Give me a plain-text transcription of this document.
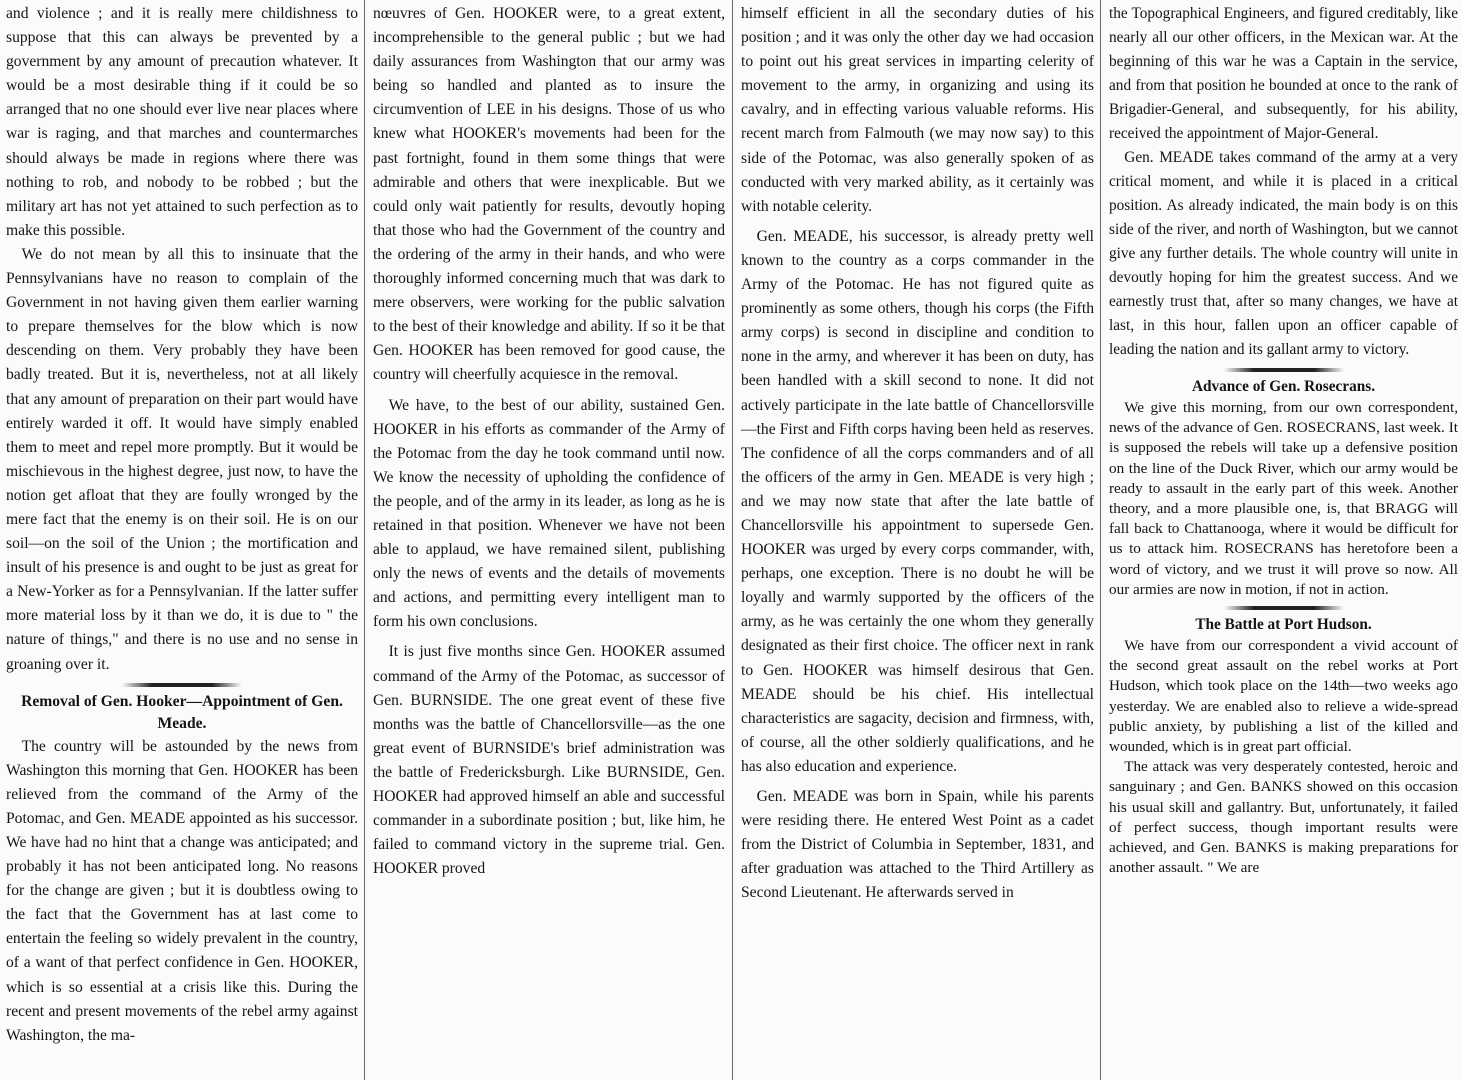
and violence ; and it is really mere childishness to suppose that this can always be prevented by a government by any amount of precaution whatever. It would be a most desirable thing if it could be so arranged that no one should ever live near places where war is raging, and that marches and countermarches should always be made in regions where there was nothing to rob, and nobody to be robbed ; but the military art has not yet attained to such perfection as to make this possible.

We do not mean by all this to insinuate that the Pennsylvanians have no reason to complain of the Government in not having given them earlier warning to prepare themselves for the blow which is now descending on them. Very probably they have been badly treated. But it is, nevertheless, not at all likely that any amount of preparation on their part would have entirely warded it off. It would have simply enabled them to meet and repel more promptly. But it would be mischievous in the highest degree, just now, to have the notion get afloat that they are foully wronged by the mere fact that the enemy is on their soil. He is on our soil—on the soil of the Union ; the mortification and insult of his presence is and ought to be just as great for a New-Yorker as for a Pennsylvanian. If the latter suffer more material loss by it than we do, it is due to " the nature of things," and there is no use and no sense in groaning over it.

Removal of Gen. Hooker—Appointment of Gen. Meade.

The country will be astounded by the news from Washington this morning that Gen. HOOKER has been relieved from the command of the Army of the Potomac, and Gen. MEADE appointed as his successor. We have had no hint that a change was anticipated; and probably it has not been anticipated long. No reasons for the change are given ; but it is doubtless owing to the fact that the Government has at last come to entertain the feeling so widely prevalent in the country, of a want of that perfect confidence in Gen. HOOKER, which is so essential at a crisis like this. During the recent and present movements of the rebel army against Washington, the ma-

nœuvres of Gen. HOOKER were, to a great extent, incomprehensible to the general public ; but we had daily assurances from Washington that our army was being so handled and planted as to insure the circumvention of LEE in his designs. Those of us who knew what HOOKER's movements had been for the past fortnight, found in them some things that were admirable and others that were inexplicable. But we could only wait patiently for results, devoutly hoping that those who had the Government of the country and the ordering of the army in their hands, and who were thoroughly informed concerning much that was dark to mere observers, were working for the public salvation to the best of their knowledge and ability. If so it be that Gen. HOOKER has been removed for good cause, the country will cheerfully acquiesce in the removal.

We have, to the best of our ability, sustained Gen. HOOKER in his efforts as commander of the Army of the Potomac from the day he took command until now. We know the necessity of upholding the confidence of the people, and of the army in its leader, as long as he is retained in that position. Whenever we have not been able to applaud, we have remained silent, publishing only the news of events and the details of movements and actions, and permitting every intelligent man to form his own conclusions.

It is just five months since Gen. HOOKER assumed command of the Army of the Potomac, as successor of Gen. BURNSIDE. The one great event of these five months was the battle of Chancellorsville—as the one great event of BURNSIDE's brief administration was the battle of Fredericksburgh. Like BURNSIDE, Gen. HOOKER had approved himself an able and successful commander in a subordinate position ; but, like him, he failed to command victory in the supreme trial. Gen. HOOKER proved

himself efficient in all the secondary duties of his position ; and it was only the other day we had occasion to point out his great services in imparting celerity of movement to the army, in organizing and using its cavalry, and in effecting various valuable reforms. His recent march from Falmouth (we may now say) to this side of the Potomac, was also generally spoken of as conducted with very marked ability, as it certainly was with notable celerity.

Gen. MEADE, his successor, is already pretty well known to the country as a corps commander in the Army of the Potomac. He has not figured quite as prominently as some others, though his corps (the Fifth army corps) is second in discipline and condition to none in the army, and wherever it has been on duty, has been handled with a skill second to none. It did not actively participate in the late battle of Chancellorsville—the First and Fifth corps having been held as reserves. The confidence of all the corps commanders and of all the officers of the army in Gen. MEADE is very high ; and we may now state that after the late battle of Chancellorsville his appointment to supersede Gen. HOOKER was urged by every corps commander, with, perhaps, one exception. There is no doubt he will be loyally and warmly supported by the officers of the army, as he was certainly the one whom they generally designated as their first choice. The officer next in rank to Gen. HOOKER was himself desirous that Gen. MEADE should be his chief. His intellectual characteristics are sagacity, decision and firmness, with, of course, all the other soldierly qualifications, and he has also education and experience.

Gen. MEADE was born in Spain, while his parents were residing there. He entered West Point as a cadet from the District of Columbia in September, 1831, and after graduation was attached to the Third Artillery as Second Lieutenant. He afterwards served in

the Topographical Engineers, and figured creditably, like nearly all our other officers, in the Mexican war. At the beginning of this war he was a Captain in the service, and from that position he bounded at once to the rank of Brigadier-General, and subsequently, for his ability, received the appointment of Major-General.

Gen. MEADE takes command of the army at a very critical moment, and while it is placed in a critical position. As already indicated, the main body is on this side of the river, and north of Washington, but we cannot give any further details. The whole country will unite in devoutly hoping for him the greatest success. And we earnestly trust that, after so many changes, we have at last, in this hour, fallen upon an officer capable of leading the nation and its gallant army to victory.

Advance of Gen. Rosecrans.

We give this morning, from our own correspondent, news of the advance of Gen. ROSECRANS, last week. It is supposed the rebels will take up a defensive position on the line of the Duck River, which our army would be ready to assault in the early part of this week. Another theory, and a more plausible one, is, that BRAGG will fall back to Chattanooga, where it would be difficult for us to attack him. ROSECRANS has heretofore been a word of victory, and we trust it will prove so now. All our armies are now in motion, if not in action.

The Battle at Port Hudson.

We have from our correspondent a vivid account of the second great assault on the rebel works at Port Hudson, which took place on the 14th—two weeks ago yesterday. We are enabled also to relieve a wide-spread public anxiety, by publishing a list of the killed and wounded, which is in great part official.

The attack was very desperately contested, heroic and sanguinary ; and Gen. BANKS showed on this occasion his usual skill and gallantry. But, unfortunately, it failed of perfect success, though important results were achieved, and Gen. BANKS is making preparations for another assault. " We are
